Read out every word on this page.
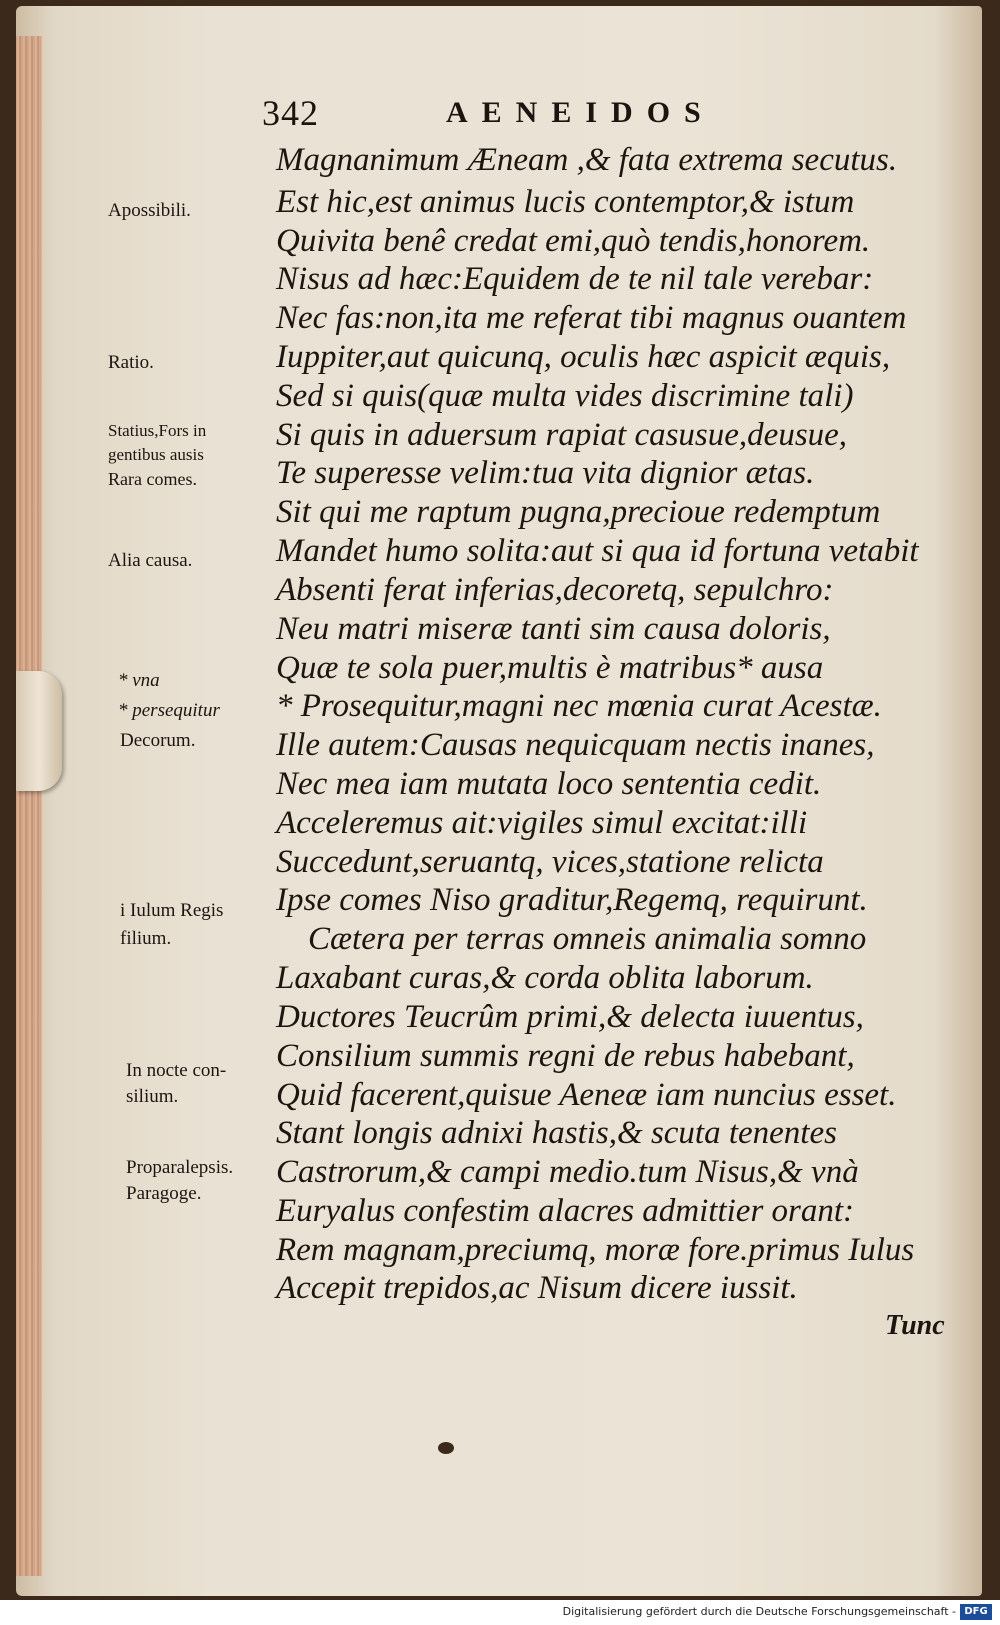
342	AENEIDOS
Magnanimum Æneam ,& fata extrema secutus.
Est hic,est animus lucis contemptor,& istum
Quivita benê credat emi,quò tendis,honorem.
Nisus ad hæc:Equidem de te nil tale verebar:
Nec fas:non,ita me referat tibi magnus ouantem
Iuppiter,aut quicunq, oculis hæc aspicit æquis,
Sed si quis(quæ multa vides discrimine tali)
Si quis in aduersum rapiat casusue,deusue,
Te superesse velim:tua vita dignior ætas.
Sit qui me raptum pugna,precioue redemptum
Mandet humo solita:aut si qua id fortuna vetabit
Absenti ferat inferias,decoretq, sepulchro:
Neu matri miseræ tanti sim causa doloris,
Quæ te sola puer,multis è matribus* ausa
* Prosequitur,magni nec mœnia curat Acestæ.
Ille autem:Causas nequicquam nectis inanes,
Nec mea iam mutata loco sententia cedit.
Acceleremus ait:vigiles simul excitat:illi
Succedunt,seruantq, vices,statione relicta
Ipse comes Niso graditur,Regemq, requirunt.
Cætera per terras omneis animalia somno
Laxabant curas,& corda oblita laborum.
Ductores Teucrûm primi,& delecta iuuentus,
Consilium summis regni de rebus habebant,
Quid facerent,quisue Aeneæ iam nuncius esset.
Stant longis adnixi hastis,& scuta tenentes
Castrorum,& campi medio.tum Nisus,& vnà
Euryalus confestim alacres admittier orant:
Rem magnam,preciumq, moræ fore.primus Iulus
Accepit trepidos,ac Nisum dicere iussit.
Apossibili.
Ratio.
Statius,Fors in
gentibus ausis
Rara comes.
Alia causa.
* vna
* persequitur
Decorum.
i Iulum Regis
filium.
In nocte con-
silium.
Proparalepsis.
Paragoge.
Tunc
Digitalisierung gefördert durch die Deutsche Forschungsgemeinschaft - DFG
